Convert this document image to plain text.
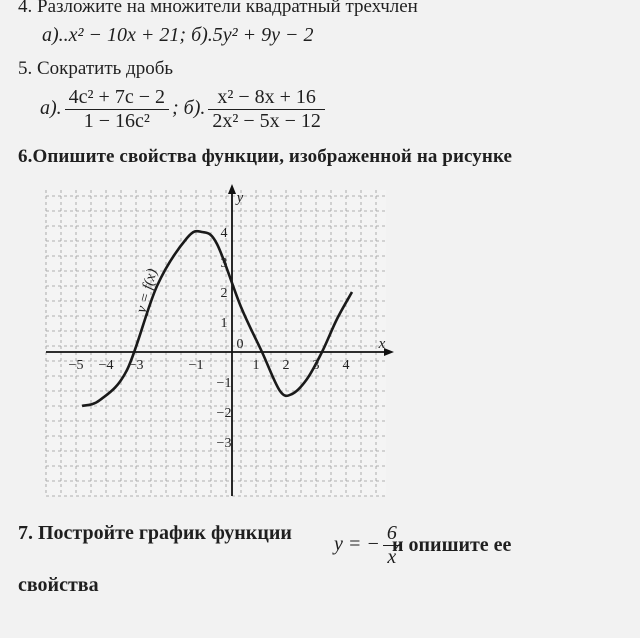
4. Разложите на множители квадратный трехчлен
а)..x² − 10x + 21; б).5y² + 9y − 2
5. Сократить дробь
а). $\frac{\text{4c² + 7c − 2}}{\text{1 − 16c²}}$ ; б). $\frac{\text{x² − 8x + 16}}{\text{2x² − 5x − 12}}$
6.Опишите свойства функции, изображенной на рисунке
−5 −4 −3	−1	1 2 3 4
4
3
2
1
−1
−2
−3
0
y
x
y = f(x)
7. Постройте график функции
y = − $\frac{6}{x}$
и опишите ее
свойства
